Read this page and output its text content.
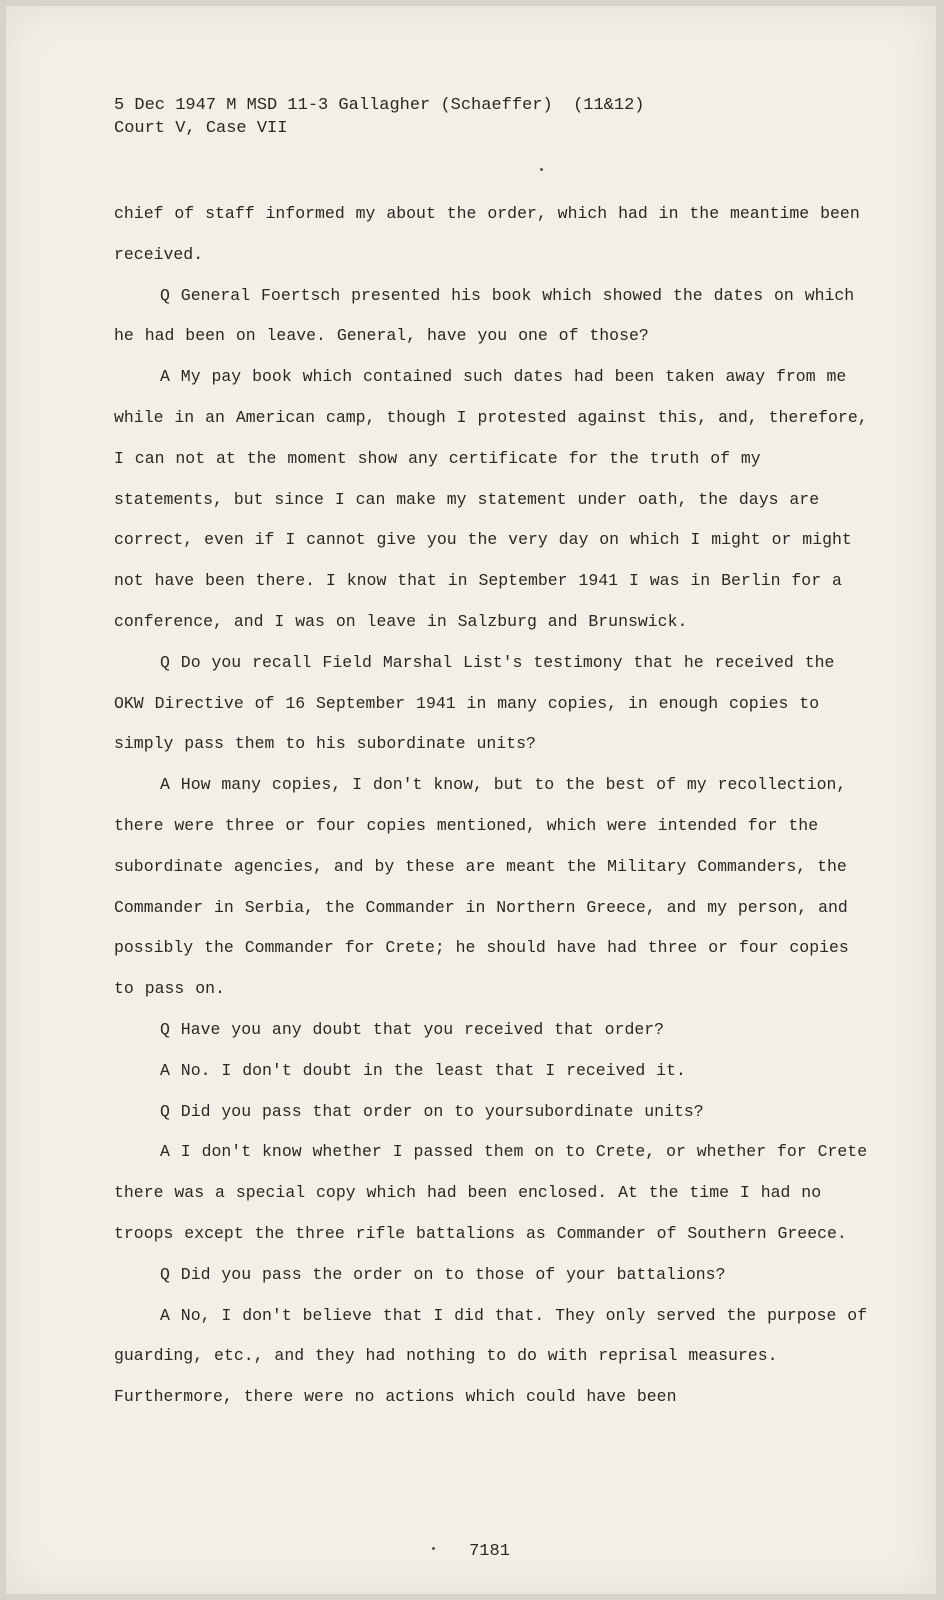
5 Dec 1947 M MSD 11-3 Gallagher (Schaeffer)  (11&12)
Court V, Case VII

chief of staff informed my about the order, which had in the meantime been received.

Q General Foertsch presented his book which showed the dates on which he had been on leave. General, have you one of those?

A My pay book which contained such dates had been taken away from me while in an American camp, though I protested against this, and, therefore, I can not at the moment show any certificate for the truth of my statements, but since I can make my statement under oath, the days are correct, even if I cannot give you the very day on which I might or might not have been there. I know that in September 1941 I was in Berlin for a conference, and I was on leave in Salzburg and Brunswick.

Q Do you recall Field Marshal List's testimony that he received the OKW Directive of 16 September 1941 in many copies, in enough copies to simply pass them to his subordinate units?

A How many copies, I don't know, but to the best of my recollection, there were three or four copies mentioned, which were intended for the subordinate agencies, and by these are meant the Military Commanders, the Commander in Serbia, the Commander in Northern Greece, and my person, and possibly the Commander for Crete; he should have had three or four copies to pass on.

Q Have you any doubt that you received that order?

A No. I don't doubt in the least that I received it.

Q Did you pass that order on to yoursubordinate units?

A I don't know whether I passed them on to Crete, or whether for Crete there was a special copy which had been enclosed. At the time I had no troops except the three rifle battalions as Commander of Southern Greece.

Q Did you pass the order on to those of your battalions?

A No, I don't believe that I did that. They only served the purpose of guarding, etc., and they had nothing to do with reprisal measures. Furthermore, there were no actions which could have been

7181
